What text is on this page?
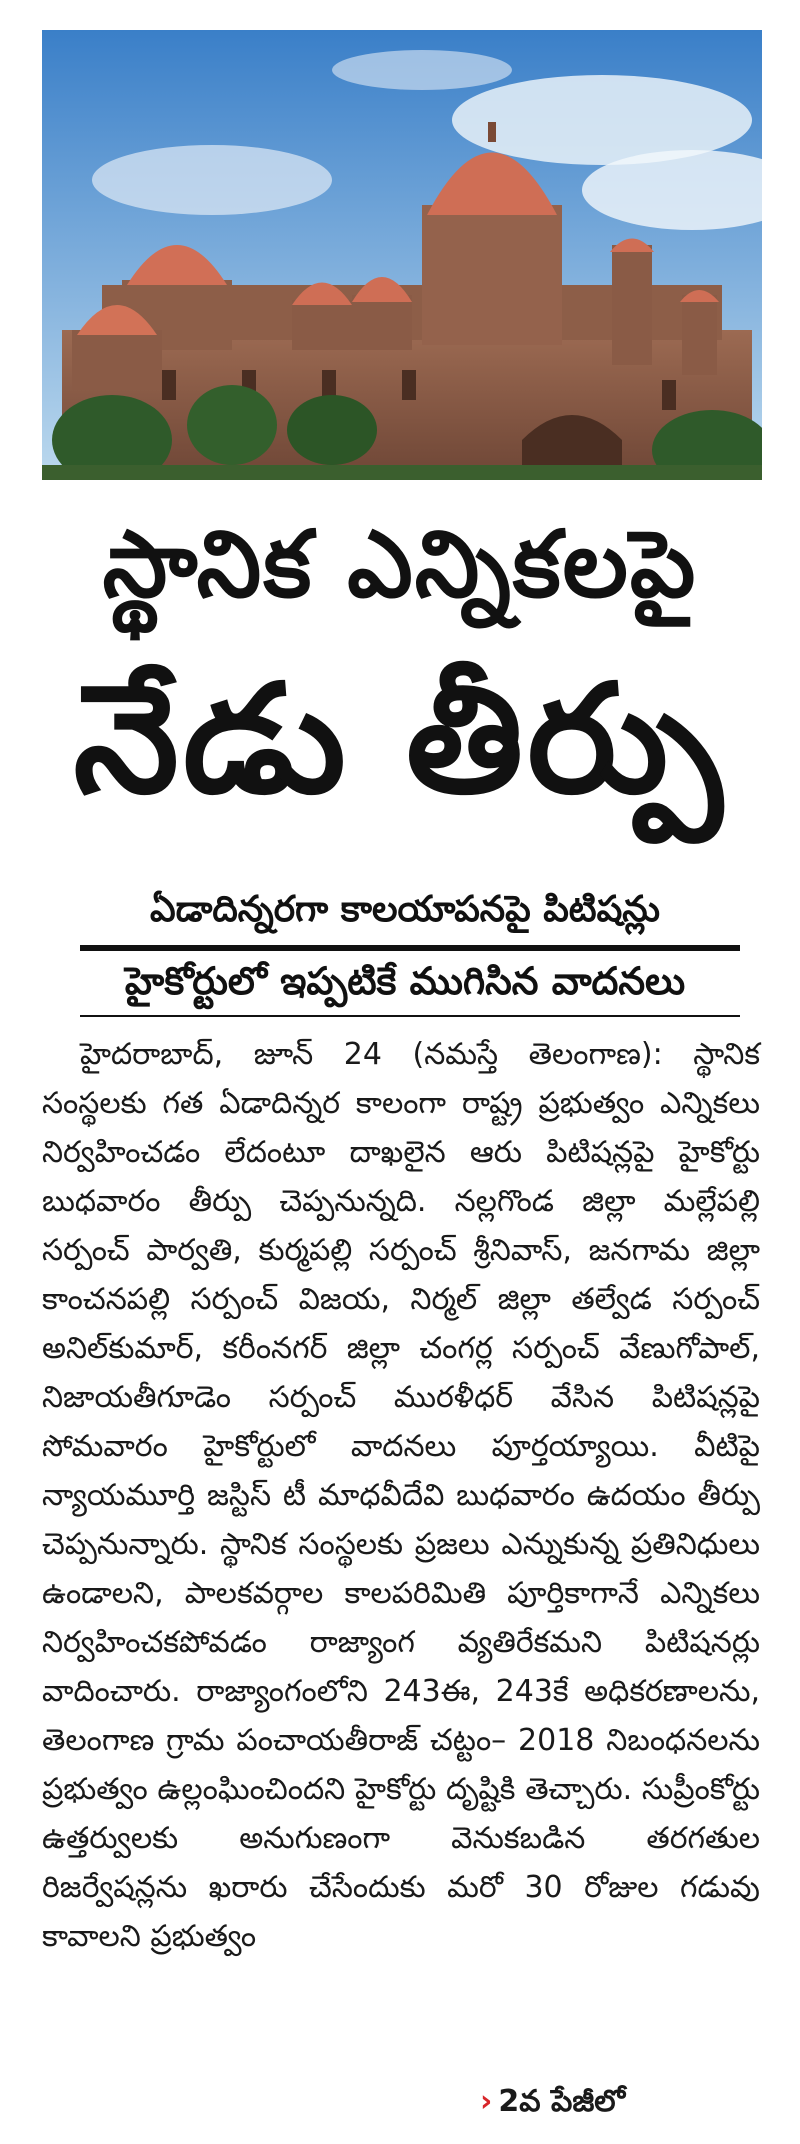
స్థానిక ఎన్నికలపై
నేడు తీర్పు
ఏడాదిన్నరగా కాలయాపనపై పిటిషన్లు
హైకోర్టులో ఇప్పటికే ముగిసిన వాదనలు

హైదరాబాద్, జూన్ 24 (నమస్తే తెలంగాణ): స్థానిక సంస్థలకు గత ఏడాదిన్నర కాలంగా రాష్ట్ర ప్రభుత్వం ఎన్నికలు నిర్వహించడం లేదంటూ దాఖలైన ఆరు పిటిషన్లపై హైకోర్టు బుధవారం తీర్పు చెప్పనున్నది. నల్లగొండ జిల్లా మల్లేపల్లి సర్పంచ్ పార్వతి, కుర్మపల్లి సర్పంచ్ శ్రీనివాస్, జనగామ జిల్లా కాంచనపల్లి సర్పంచ్ విజయ, నిర్మల్ జిల్లా తల్వేడ సర్పంచ్ అనిల్‌కుమార్, కరీంనగర్ జిల్లా చంగర్ల సర్పంచ్ వేణుగోపాల్, నిజాయతీగూడెం సర్పంచ్ మురళీధర్ వేసిన పిటిషన్లపై సోమవారం హైకోర్టులో వాదనలు పూర్తయ్యాయి. వీటిపై న్యాయమూర్తి జస్టిస్ టీ మాధవీదేవి బుధవారం ఉదయం తీర్పు చెప్పనున్నారు. స్థానిక సంస్థలకు ప్రజలు ఎన్నుకున్న ప్రతినిధులు ఉండాలని, పాలకవర్గాల కాలపరిమితి పూర్తికాగానే ఎన్నికలు నిర్వహించకపోవడం రాజ్యాంగ వ్యతిరేకమని పిటిషనర్లు వాదించారు. రాజ్యాంగంలోని 243ఈ, 243కే అధికరణాలను, తెలంగాణ గ్రామ పంచాయతీరాజ్ చట్టం– 2018 నిబంధనలను ప్రభుత్వం ఉల్లంఘించిందని హైకోర్టు దృష్టికి తెచ్చారు. సుప్రీంకోర్టు ఉత్తర్వులకు అనుగుణంగా వెనుకబడిన తరగతుల రిజర్వేషన్లను ఖరారు చేసేందుకు మరో 30 రోజుల గడువు కావాలని ప్రభుత్వం

› 2వ పేజీలో
